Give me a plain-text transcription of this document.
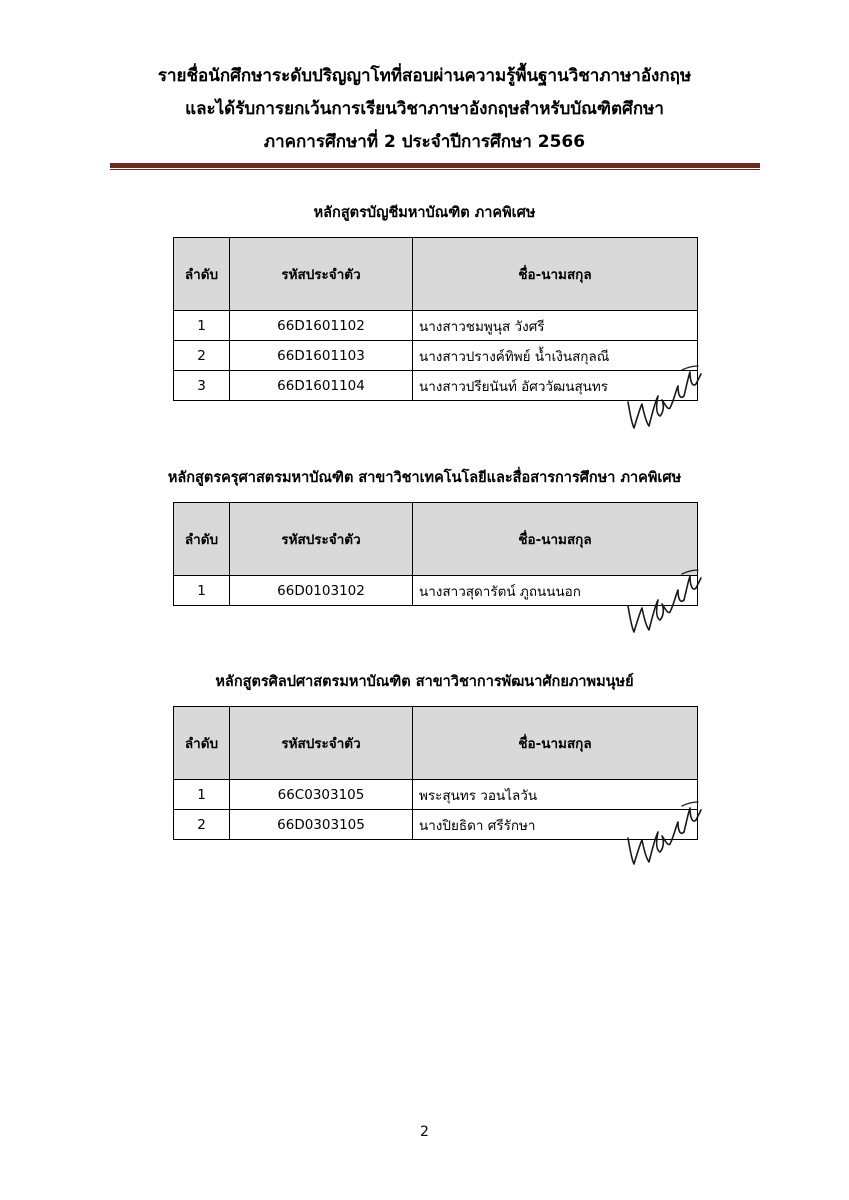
รายชื่อนักศึกษาระดับปริญญาโทที่สอบผ่านความรู้พื้นฐานวิชาภาษาอังกฤษ

และได้รับการยกเว้นการเรียนวิชาภาษาอังกฤษสำหรับบัณฑิตศึกษา

ภาคการศึกษาที่ 2 ประจำปีการศึกษา 2566

หลักสูตรบัญชีมหาบัณฑิต ภาคพิเศษ

ลำดับ	รหัสประจำตัว	ชื่อ-นามสกุล
1	66D1601102	นางสาวชมพูนุส วังศรี
2	66D1601103	นางสาวปรางค์ทิพย์ น้ำเงินสกุลณี
3	66D1601104	นางสาวปรียนันท์ อัศววัฒนสุนทร

หลักสูตรครุศาสตรมหาบัณฑิต สาขาวิชาเทคโนโลยีและสื่อสารการศึกษา ภาคพิเศษ

ลำดับ	รหัสประจำตัว	ชื่อ-นามสกุล
1	66D0103102	นางสาวสุดารัตน์ ภูถนนนอก

หลักสูตรศิลปศาสตรมหาบัณฑิต สาขาวิชาการพัฒนาศักยภาพมนุษย์

ลำดับ	รหัสประจำตัว	ชื่อ-นามสกุล
1	66C0303105	พระสุนทร วอนไลวัน
2	66D0303105	นางปิยธิดา ศรีรักษา
2
